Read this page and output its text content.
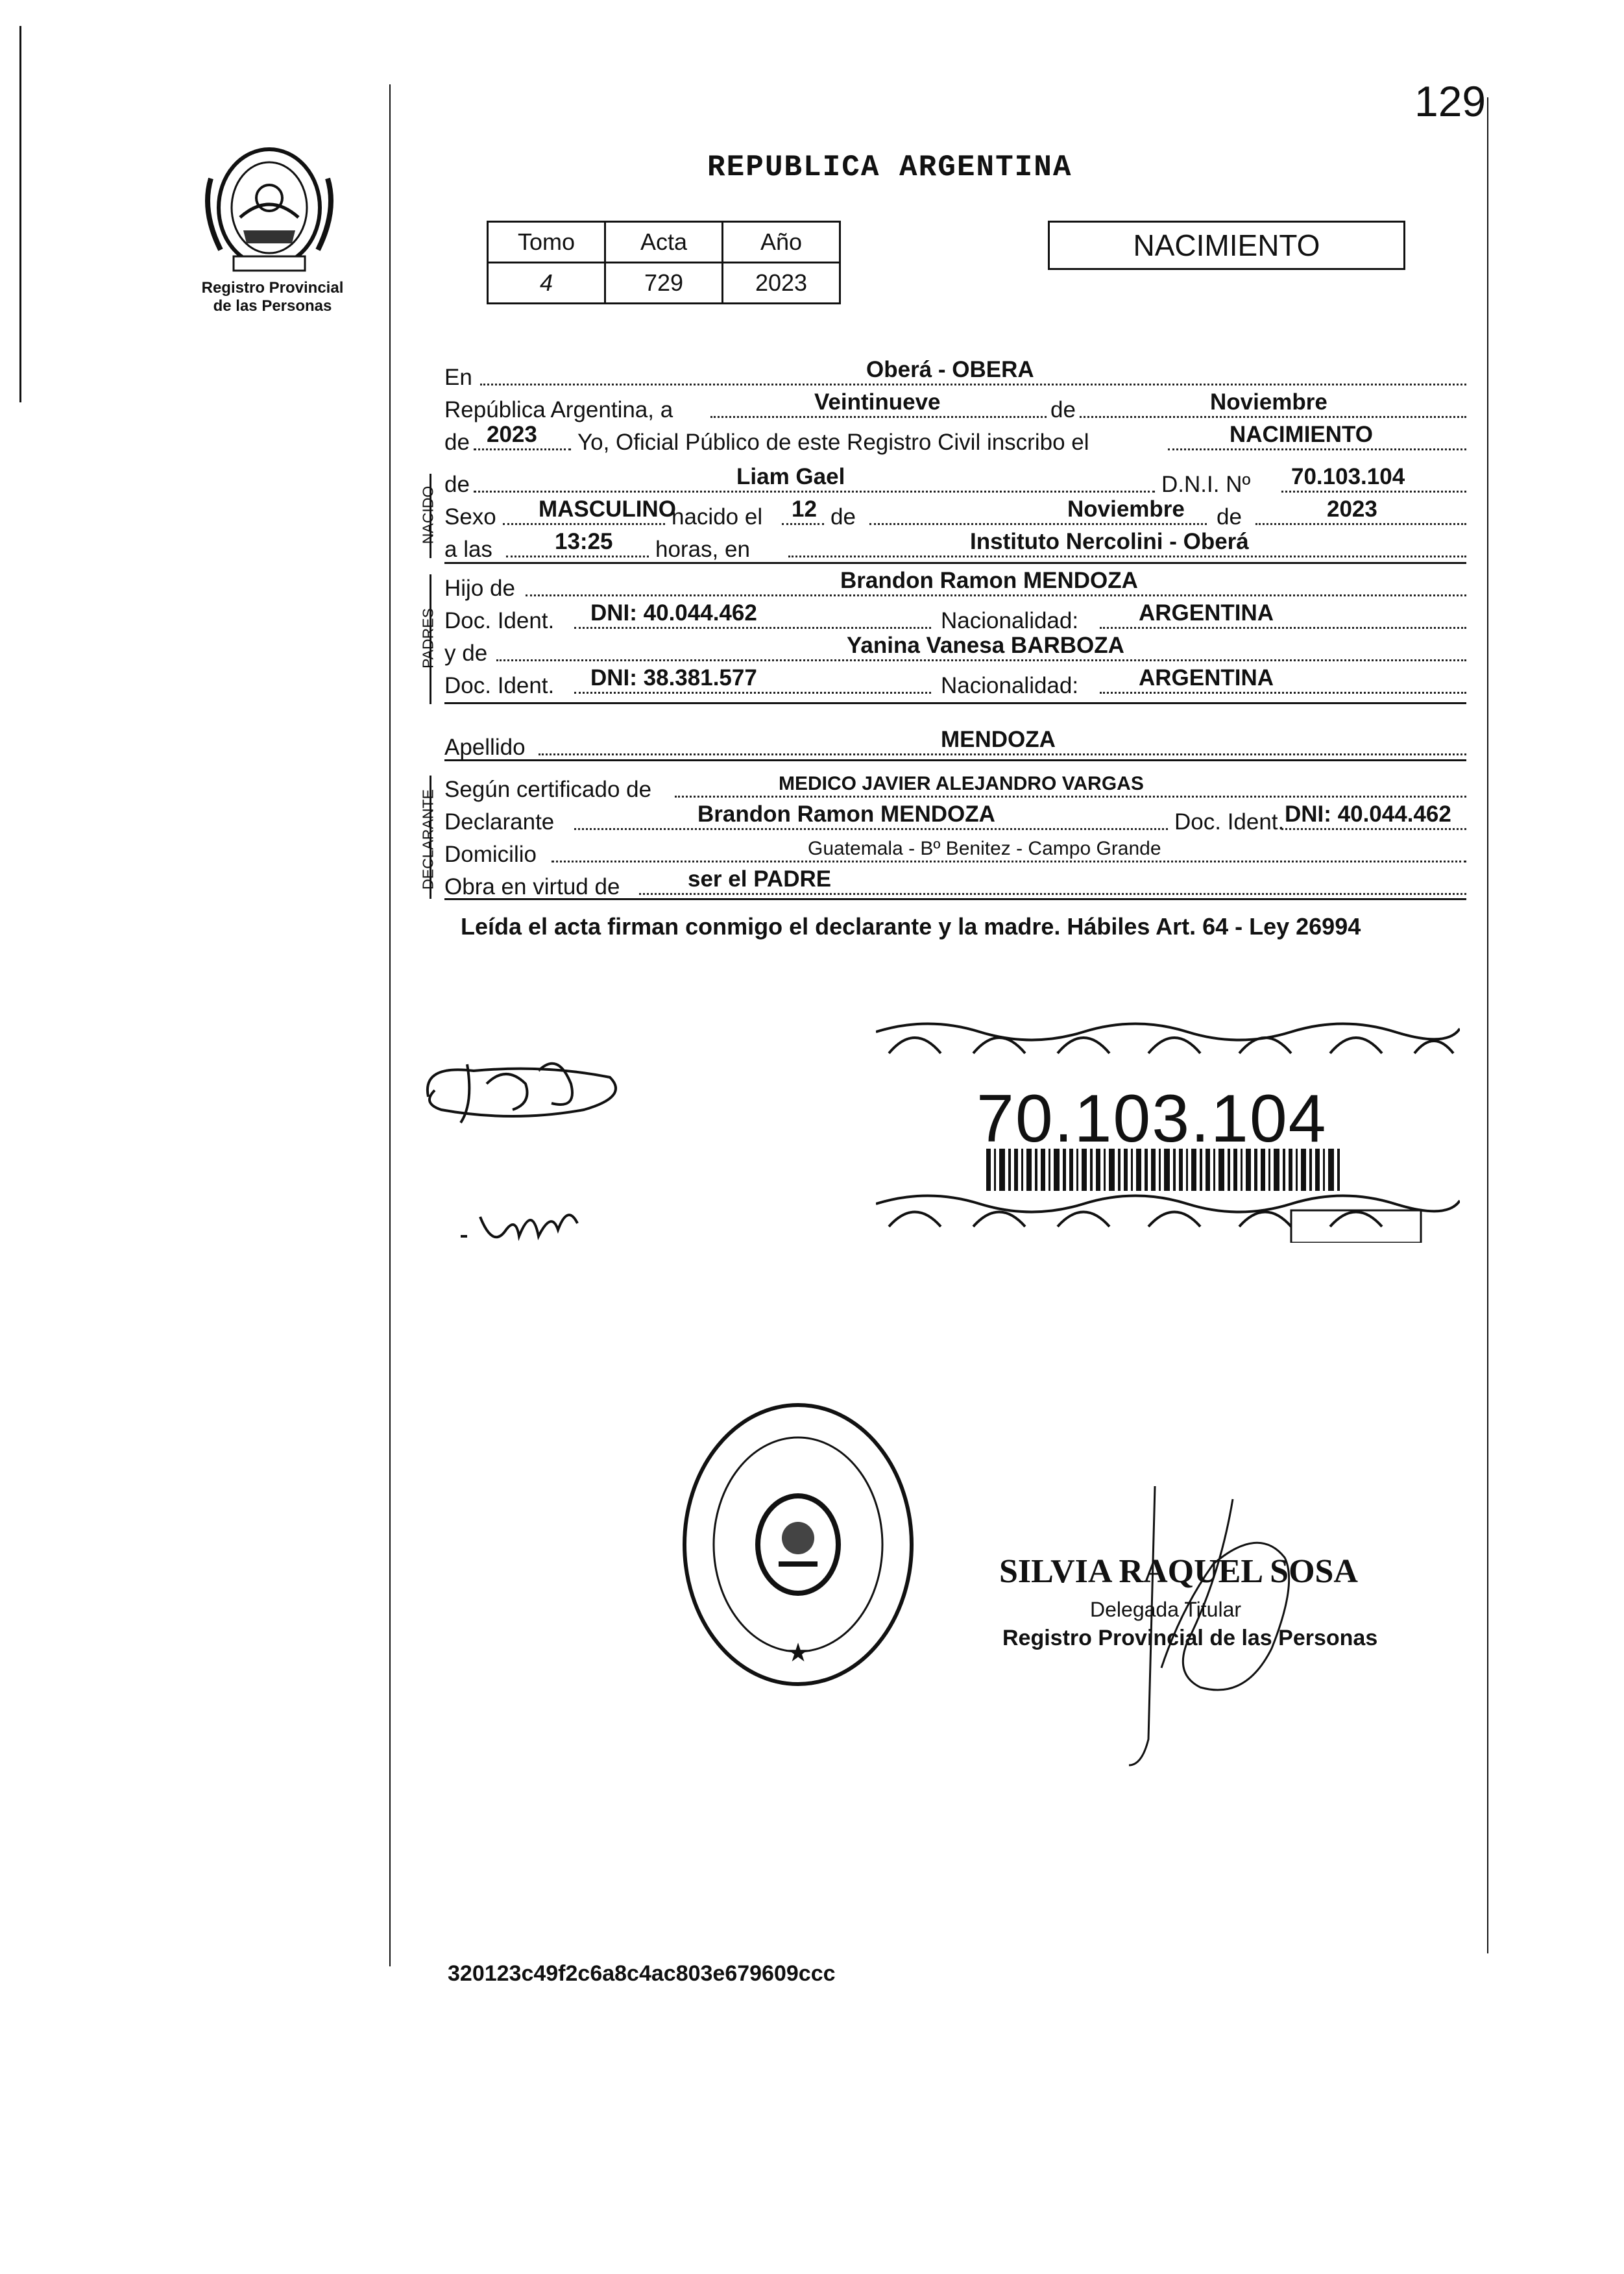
129
Registro Provincial
de las Personas
REPUBLICA ARGENTINA
Tomo	Acta	Año
4	729	2023
NACIMIENTO
En	Oberá - OBERA
República Argentina, a	Veintinueve	de	Noviembre
de 2023 Yo, Oficial Público de este Registro Civil inscribo el	NACIMIENTO
NACIDO
de	Liam Gael	D.N.I. Nº 70.103.104
Sexo MASCULINO
nacido el 12 de	Noviembre de	2023
a las	13:25 horas, en	Instituto Nercolini - Oberá
PADRES
Hijo de	Brandon Ramon MENDOZA
Doc. Ident. DNI: 40.044.462	Nacionalidad:	ARGENTINA
y de	Yanina Vanesa BARBOZA
Doc. Ident. DNI: 38.381.577	Nacionalidad:	ARGENTINA
Apellido	MENDOZA
DECLARANTE Según certificado de	MEDICO JAVIER ALEJANDRO VARGAS
Declarante	Brandon Ramon MENDOZA	Doc. Ident. DNI: 40.044.462
Domicilio	Guatemala - Bº Benitez - Campo Grande
Obra en virtud de	ser el PADRE
Leída el acta firman conmigo el declarante y la madre. Hábiles Art. 64 - Ley 26994
70.103.104
★
SILVIA RAQUEL SOSA
Delegada Titular
Registro Provincial de las Personas
320123c49f2c6a8c4ac803e679609ccc
